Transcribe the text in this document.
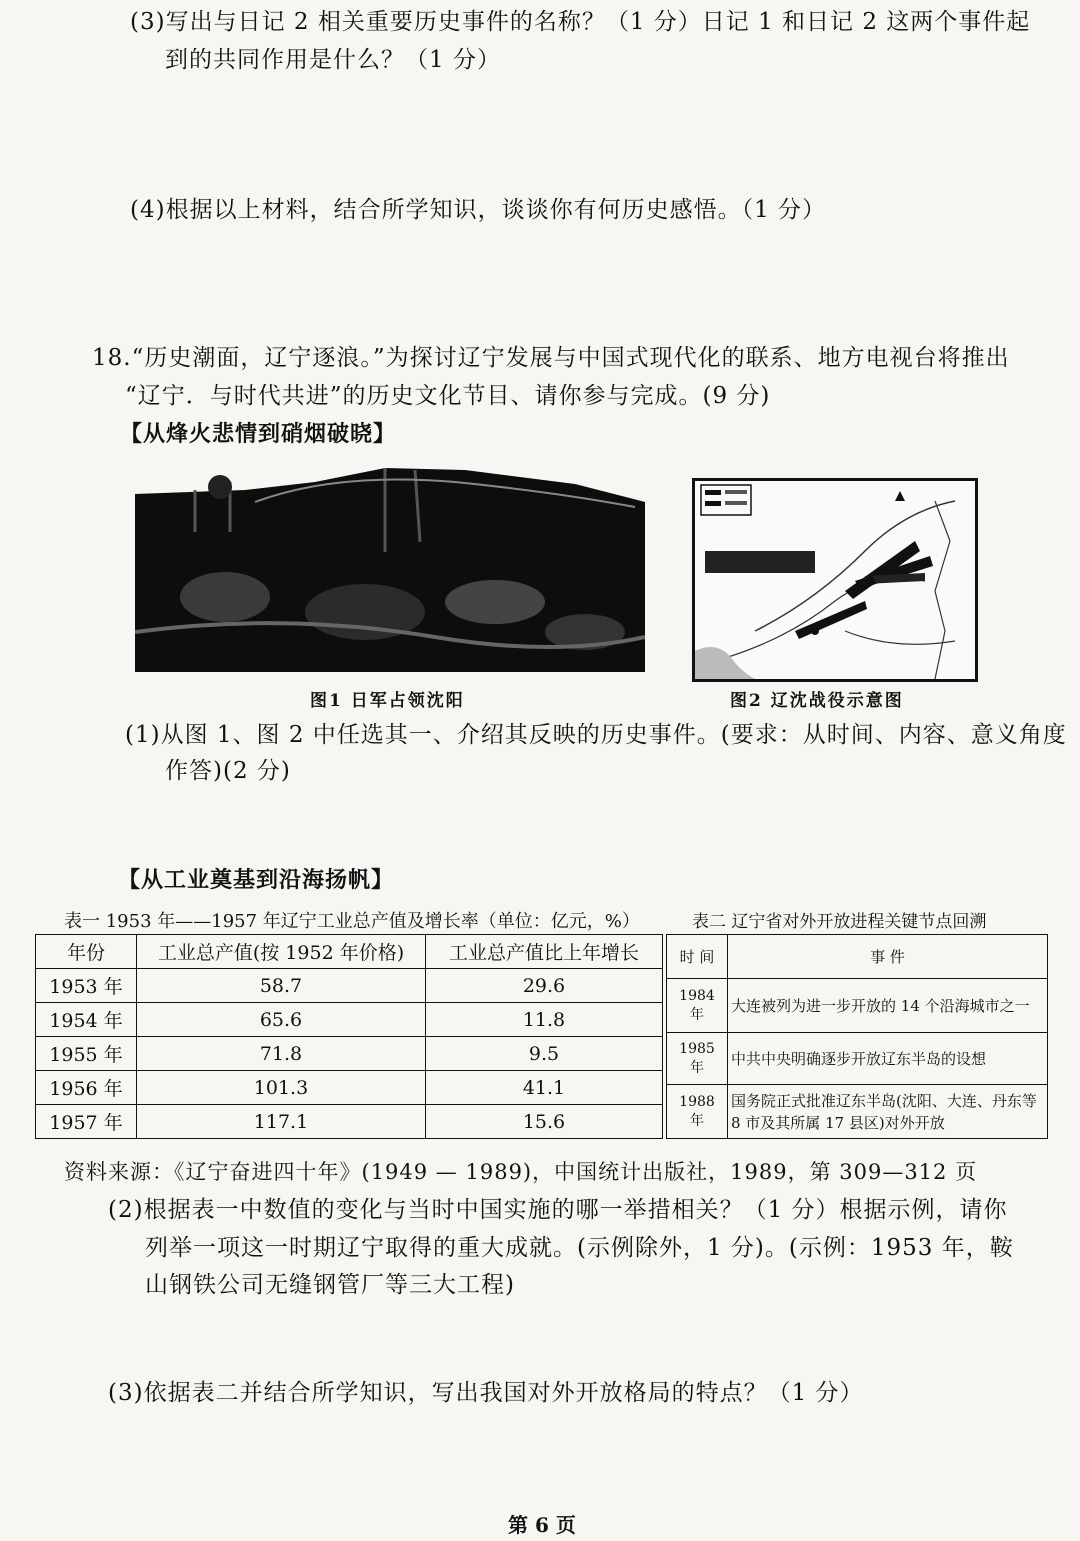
(3)写出与日记 2 相关重要历史事件的名称？（1 分）日记 1 和日记 2 这两个事件起
到的共同作用是什么？（1 分）
(4)根据以上材料，结合所学知识，谈谈你有何历史感悟。（1 分）
18.“历史潮面，辽宁逐浪。”为探讨辽宁发展与中国式现代化的联系、地方电视台将推出
“辽宁．与时代共进”的历史文化节目、请你参与完成。(9 分)
【从烽火悲情到硝烟破晓】
图1 日军占领沈阳	图2 辽沈战役示意图
(1)从图 1、图 2 中任选其一、介绍其反映的历史事件。(要求：从时间、内容、意义角度
作答)(2 分)
【从工业奠基到沿海扬帆】
表一 1953 年——1957 年辽宁工业总产值及增长率（单位：亿元，%）
年份	工业总产值(按 1952 年价格)	工业总产值比上年增长
1953 年	58.7	29.6
1954 年	65.6	11.8
1955 年	71.8	9.5
1956 年	101.3	41.1
1957 年	117.1	15.6
表二 辽宁省对外开放进程关键节点回溯
时 间	事 件
1984 年	大连被列为进一步开放的 14 个沿海城市之一
1985 年	中共中央明确逐步开放辽东半岛的设想
1988 年	国务院正式批准辽东半岛(沈阳、大连、丹东等 8 市及其所属 17 县区)对外开放
资料来源：《辽宁奋进四十年》(1949 — 1989)，中国统计出版社，1989，第 309—312 页
(2)根据表一中数值的变化与当时中国实施的哪一举措相关？（1 分）根据示例，请你
列举一项这一时期辽宁取得的重大成就。(示例除外，1 分)。(示例：1953 年，鞍
山钢铁公司无缝钢管厂等三大工程)
(3)依据表二并结合所学知识，写出我国对外开放格局的特点？（1 分）
第 6 页
